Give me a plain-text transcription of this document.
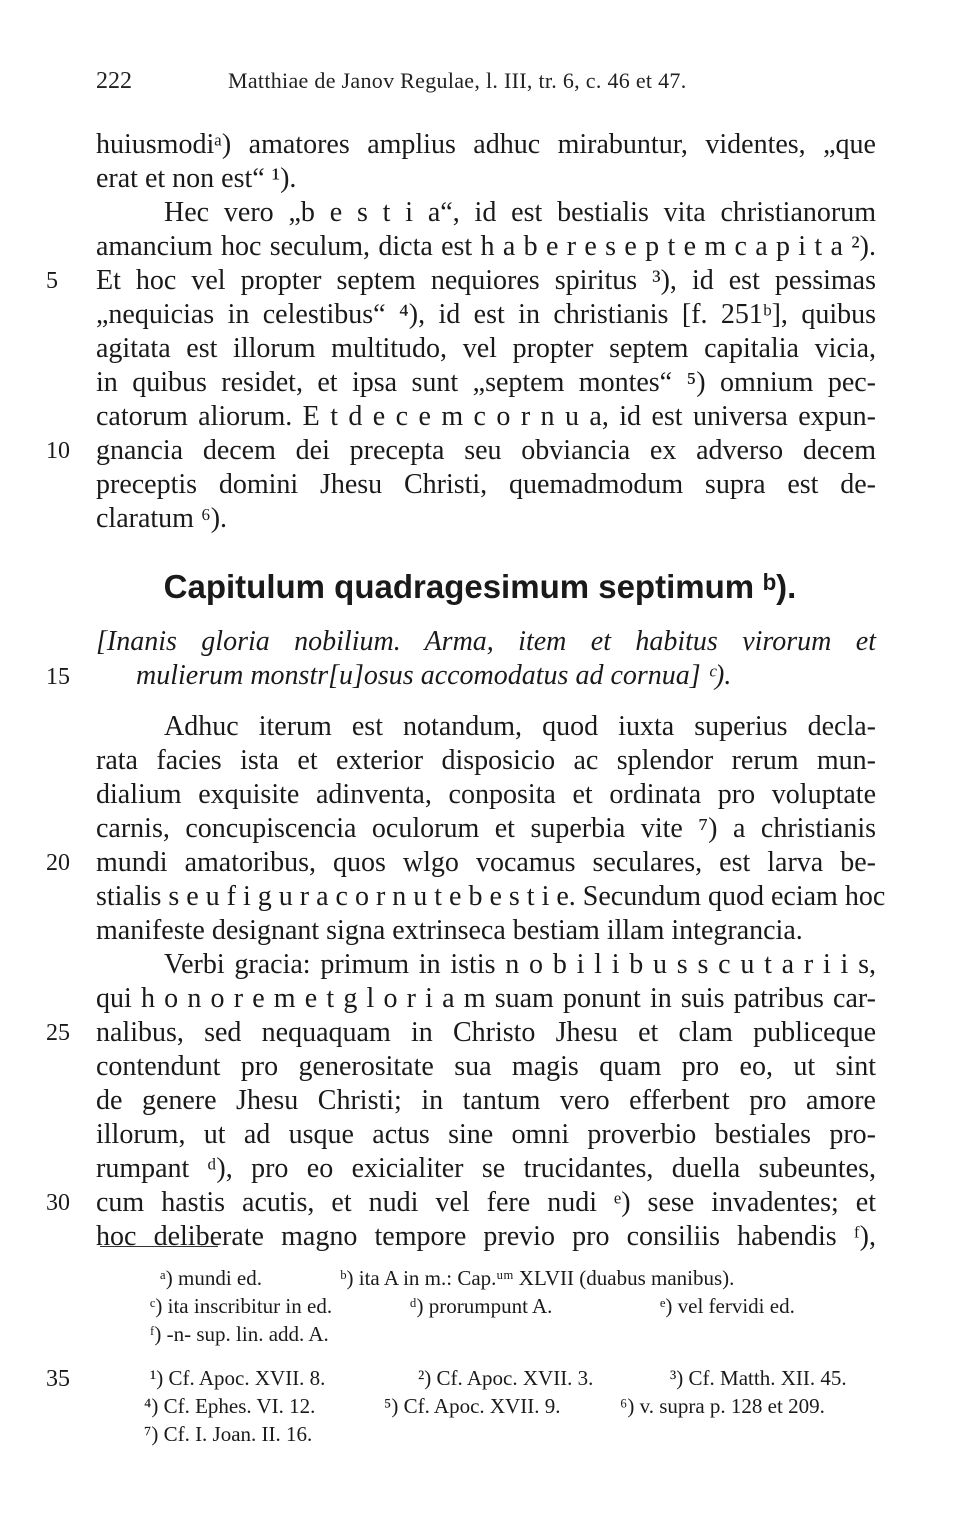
222	Matthiae de Janov Regulae, l. III, tr. 6, c. 46 et 47.
huiusmodiᵃ) amatores amplius adhuc mirabuntur, videntes, „que
erat et non est“ ¹).
Hec vero „b e s t i a“, id est bestialis vita christianorum
amancium hoc seculum, dicta est h a b e r e s e p t e m c a p i t a ²).
Et hoc vel propter septem nequiores spiritus ³), id est pessimas
„nequicias in celestibus“ ⁴), id est in christianis [f. 251ᵇ], quibus
agitata est illorum multitudo, vel propter septem capitalia vicia,
in quibus residet, et ipsa sunt „septem montes“ ⁵) omnium pec-
catorum aliorum. E t d e c e m c o r n u a, id est universa expun-
gnancia decem dei precepta seu obviancia ex adverso decem
preceptis domini Jhesu Christi, quemadmodum supra est de-
claratum ⁶).
Capitulum quadragesimum septimum ᵇ).
[Inanis gloria nobilium. Arma, item et habitus virorum et
mulierum monstr[u]osus accomodatus ad cornua] ᶜ).
Adhuc iterum est notandum, quod iuxta superius decla-
rata facies ista et exterior disposicio ac splendor rerum mun-
dialium exquisite adinventa, conposita et ordinata pro voluptate
carnis, concupiscencia oculorum et superbia vite ⁷) a christianis
mundi amatoribus, quos wlgo vocamus seculares, est larva be-
stialis s e u f i g u r a c o r n u t e b e s t i e. Secundum quod eciam hoc
manifeste designant signa extrinseca bestiam illam integrancia.
Verbi gracia: primum in istis n o b i l i b u s s c u t a r i i s,
qui h o n o r e m e t g l o r i a m suam ponunt in suis patribus car-
nalibus, sed nequaquam in Christo Jhesu et clam publiceque
contendunt pro generositate sua magis quam pro eo, ut sint
de genere Jhesu Christi; in tantum vero efferbent pro amore
illorum, ut ad usque actus sine omni proverbio bestiales pro-
rumpant ᵈ), pro eo exicialiter se trucidantes, duella subeuntes,
cum hastis acutis, et nudi vel fere nudi ᵉ) sese invadentes; et
hoc deliberate magno tempore previo pro consiliis habendis ᶠ),
5
10
15
20
25
30
35
ᵃ) mundi ed.	ᵇ) ita A in m.: Cap.ᵘᵐ XLVII (duabus manibus).
ᶜ) ita inscribitur in ed.	ᵈ) prorumpunt A.	ᵉ) vel fervidi ed.
ᶠ) -n- sup. lin. add. A.
¹) Cf. Apoc. XVII. 8.	²) Cf. Apoc. XVII. 3.	³) Cf. Matth. XII. 45.
⁴) Cf. Ephes. VI. 12.	⁵) Cf. Apoc. XVII. 9.	⁶) v. supra p. 128 et 209.
⁷) Cf. I. Joan. II. 16.
